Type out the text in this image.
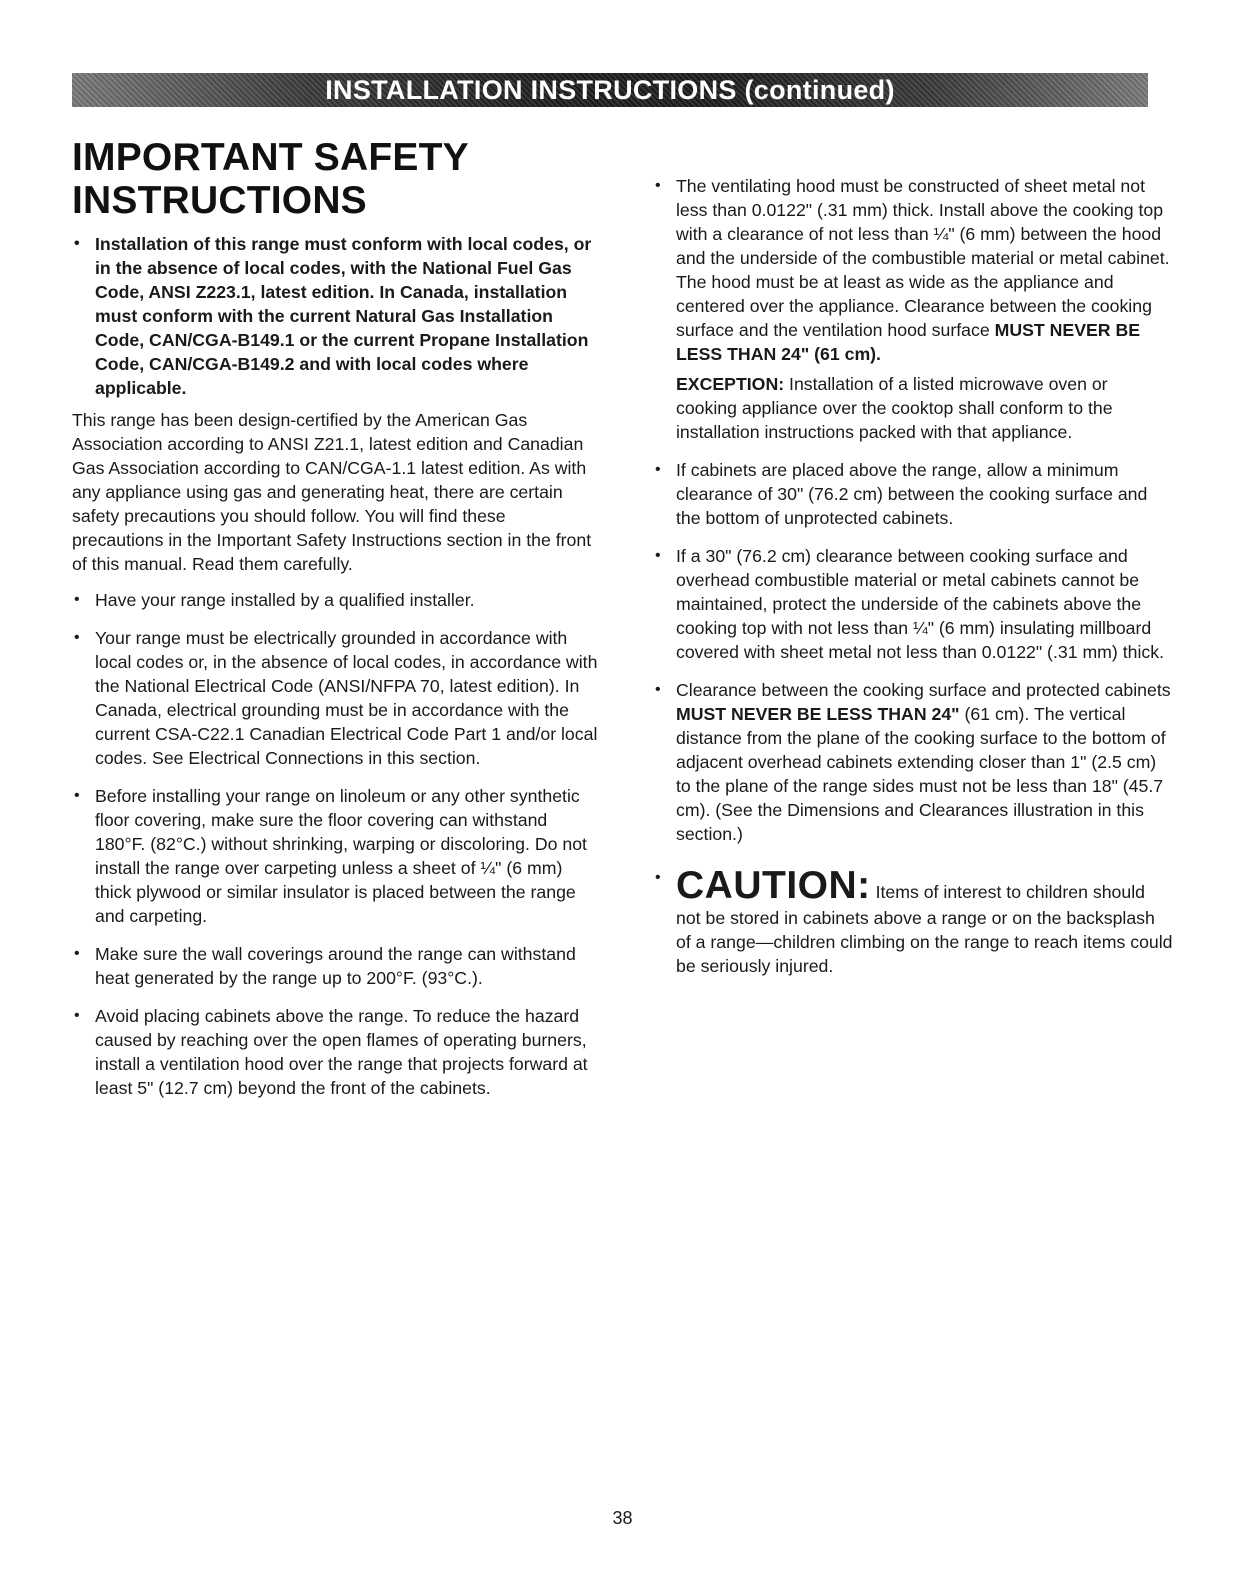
INSTALLATION INSTRUCTIONS (continued)
IMPORTANT SAFETY
INSTRUCTIONS
• Installation of this range must conform with local codes, or in the absence of local codes, with the National Fuel Gas Code, ANSI Z223.1, latest edition. In Canada, installation must conform with the current Natural Gas Installation Code, CAN/CGA-B149.1 or the current Propane Installation Code, CAN/CGA-B149.2 and with local codes where applicable.

This range has been design-certified by the American Gas Association according to ANSI Z21.1, latest edition and Canadian Gas Association according to CAN/CGA-1.1 latest edition. As with any appliance using gas and generating heat, there are certain safety precautions you should follow. You will find these precautions in the Important Safety Instructions section in the front of this manual. Read them carefully.

• Have your range installed by a qualified installer.
• Your range must be electrically grounded in accordance with local codes or, in the absence of local codes, in accordance with the National Electrical Code (ANSI/NFPA 70, latest edition). In Canada, electrical grounding must be in accordance with the current CSA-C22.1 Canadian Electrical Code Part 1 and/or local codes. See Electrical Connections in this section.
• Before installing your range on linoleum or any other synthetic floor covering, make sure the floor covering can withstand 180°F. (82°C.) without shrinking, warping or discoloring. Do not install the range over carpeting unless a sheet of ¼" (6 mm) thick plywood or similar insulator is placed between the range and carpeting.
• Make sure the wall coverings around the range can withstand heat generated by the range up to 200°F. (93°C.).
• Avoid placing cabinets above the range. To reduce the hazard caused by reaching over the open flames of operating burners, install a ventilation hood over the range that projects forward at least 5" (12.7 cm) beyond the front of the cabinets.
• The ventilating hood must be constructed of sheet metal not less than 0.0122" (.31 mm) thick. Install above the cooking top with a clearance of not less than ¼" (6 mm) between the hood and the underside of the combustible material or metal cabinet. The hood must be at least as wide as the appliance and centered over the appliance. Clearance between the cooking surface and the ventilation hood surface MUST NEVER BE LESS THAN 24" (61 cm).

EXCEPTION: Installation of a listed microwave oven or cooking appliance over the cooktop shall conform to the installation instructions packed with that appliance.

• If cabinets are placed above the range, allow a minimum clearance of 30" (76.2 cm) between the cooking surface and the bottom of unprotected cabinets.
• If a 30" (76.2 cm) clearance between cooking surface and overhead combustible material or metal cabinets cannot be maintained, protect the underside of the cabinets above the cooking top with not less than ¼" (6 mm) insulating millboard covered with sheet metal not less than 0.0122" (.31 mm) thick.
• Clearance between the cooking surface and protected cabinets MUST NEVER BE LESS THAN 24" (61 cm). The vertical distance from the plane of the cooking surface to the bottom of adjacent overhead cabinets extending closer than 1" (2.5 cm) to the plane of the range sides must not be less than 18" (45.7 cm). (See the Dimensions and Clearances illustration in this section.)
• CAUTION: Items of interest to children should not be stored in cabinets above a range or on the backsplash of a range—children climbing on the range to reach items could be seriously injured.
38
